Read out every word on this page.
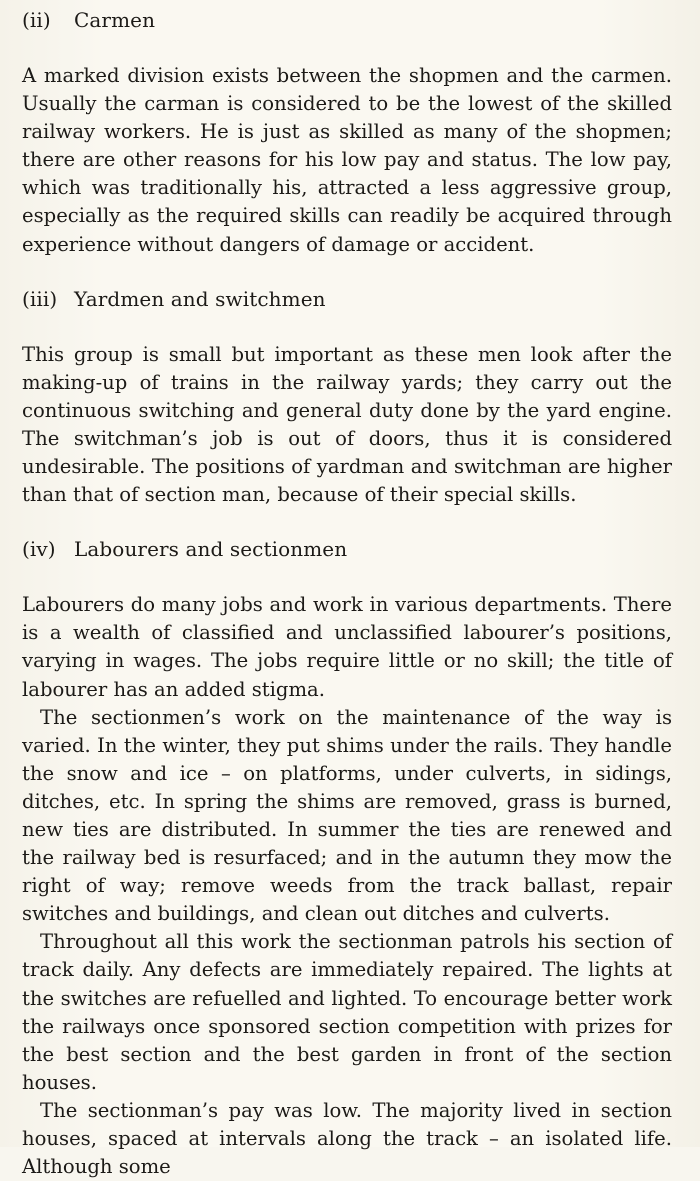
(ii) Carmen

A marked division exists between the shopmen and the carmen. Usually the carman is considered to be the lowest of the skilled railway workers. He is just as skilled as many of the shopmen; there are other reasons for his low pay and status. The low pay, which was traditionally his, attracted a less aggressive group, especially as the required skills can readily be acquired through experience without dangers of damage or accident.

(iii) Yardmen and switchmen

This group is small but important as these men look after the making-up of trains in the railway yards; they carry out the continuous switching and general duty done by the yard engine. The switchman’s job is out of doors, thus it is considered undesirable. The positions of yardman and switchman are higher than that of section man, because of their special skills.

(iv) Labourers and sectionmen

Labourers do many jobs and work in various departments. There is a wealth of classified and unclassified labourer’s positions, varying in wages. The jobs require little or no skill; the title of labourer has an added stigma.

The sectionmen’s work on the maintenance of the way is varied. In the winter, they put shims under the rails. They handle the snow and ice – on platforms, under culverts, in sidings, ditches, etc. In spring the shims are removed, grass is burned, new ties are distributed. In summer the ties are renewed and the railway bed is resurfaced; and in the autumn they mow the right of way; remove weeds from the track ballast, repair switches and buildings, and clean out ditches and culverts.

Throughout all this work the sectionman patrols his section of track daily. Any defects are immediately repaired. The lights at the switches are refuelled and lighted. To encourage better work the railways once sponsored section competition with prizes for the best section and the best garden in front of the section houses.

The sectionman’s pay was low. The majority lived in section houses, spaced at intervals along the track – an isolated life. Although some
